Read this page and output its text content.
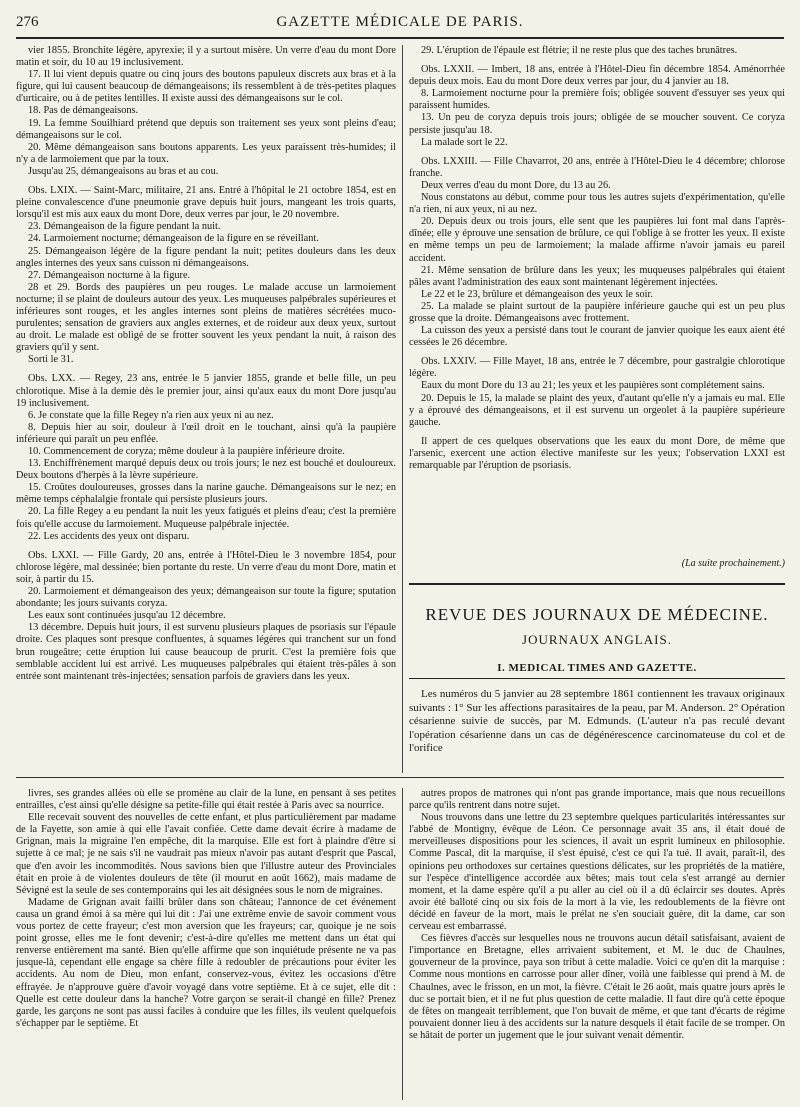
276	GAZETTE MÉDICALE DE PARIS.

vier 1855. Bronchite légère, apyrexie; il y a surtout misère. Un verre d'eau du mont Dore matin et soir, du 10 au 19 inclusivement.

17. Il lui vient depuis quatre ou cinq jours des boutons papuleux discrets aux bras et à la figure, qui lui causent beaucoup de démangeaisons; ils ressemblent à de très-petites plaques d'urticaire, ou à de petites lentilles. Il existe aussi des démangeaisons sur le col.

18. Pas de démangeaisons.

19. La femme Souilhiard prétend que depuis son traitement ses yeux sont pleins d'eau; démangeaisons sur le col.

20. Même démangeaison sans boutons apparents. Les yeux paraissent très-humides; il n'y a de larmoiement que par la toux.

Jusqu'au 25, démangeaisons au bras et au cou.

Obs. LXIX. — Saint-Marc, militaire, 21 ans. Entré à l'hôpital le 21 octobre 1854, est en pleine convalescence d'une pneumonie grave depuis huit jours, mangeant les trois quarts, lorsqu'il est mis aux eaux du mont Dore, deux verres par jour, le 20 novembre.

23. Démangeaison de la figure pendant la nuit.

24. Larmoiement nocturne; démangeaison de la figure en se réveillant.

25. Démangeaison légère de la figure pendant la nuit; petites douleurs dans les deux angles internes des yeux sans cuisson ni démangeaisons.

27. Démangeaison nocturne à la figure.

28 et 29. Bords des paupières un peu rouges. Le malade accuse un larmoiement nocturne; il se plaint de douleurs autour des yeux. Les muqueuses palpébrales supérieures et inférieures sont rouges, et les angles internes sont pleins de matières sécrétées muco-purulentes; sensation de graviers aux angles externes, et de roideur aux deux yeux, surtout au droit. Le malade est obligé de se frotter souvent les yeux pendant la nuit, à raison des graviers qu'il y sent.

Sorti le 31.

Obs. LXX. — Regey, 23 ans, entrée le 5 janvier 1855, grande et belle fille, un peu chlorotique. Mise à la demie dès le premier jour, ainsi qu'aux eaux du mont Dore jusqu'au 19 inclusivement.

6. Je constate que la fille Regey n'a rien aux yeux ni au nez.

8. Depuis hier au soir, douleur à l'œil droit en le touchant, ainsi qu'à la paupière inférieure qui paraît un peu enflée.

10. Commencement de coryza; même douleur à la paupière inférieure droite.

13. Enchiffrènement marqué depuis deux ou trois jours; le nez est bouché et douloureux. Deux boutons d'herpès à la lèvre supérieure.

15. Croûtes douloureuses, grosses dans la narine gauche. Démangeaisons sur le nez; en même temps céphalalgie frontale qui persiste plusieurs jours.

20. La fille Regey a eu pendant la nuit les yeux fatigués et pleins d'eau; c'est la première fois qu'elle accuse du larmoiement. Muqueuse palpébrale injectée.

22. Les accidents des yeux ont disparu.

Obs. LXXI. — Fille Gardy, 20 ans, entrée à l'Hôtel-Dieu le 3 novembre 1854, pour chlorose légère, mal dessinée; bien portante du reste. Un verre d'eau du mont Dore, matin et soir, à partir du 15.

20. Larmoiement et démangeaison des yeux; démangeaison sur toute la figure; sputation abondante; les jours suivants coryza.

Les eaux sont continuées jusqu'au 12 décembre.

13 décembre. Depuis huit jours, il est survenu plusieurs plaques de psoriasis sur l'épaule droite. Ces plaques sont presque confluentes, à squames légères qui tranchent sur un fond brun rougeâtre; cette éruption lui cause beaucoup de prurit. C'est la première fois que semblable accident lui est arrivé. Les muqueuses palpébrales qui étaient très-pâles à son entrée sont maintenant très-injectées; sensation parfois de graviers dans les yeux.

29. L'éruption de l'épaule est flétrie; il ne reste plus que des taches brunâtres.

Obs. LXXII. — Imbert, 18 ans, entrée à l'Hôtel-Dieu fin décembre 1854. Aménorrhée depuis deux mois. Eau du mont Dore deux verres par jour, du 4 janvier au 18.

8. Larmoiement nocturne pour la première fois; obligée souvent d'essuyer ses yeux qui paraissent humides.

13. Un peu de coryza depuis trois jours; obligée de se moucher souvent. Ce coryza persiste jusqu'au 18.

La malade sort le 22.

Obs. LXXIII. — Fille Chavarrot, 20 ans, entrée à l'Hôtel-Dieu le 4 décembre; chlorose franche.

Deux verres d'eau du mont Dore, du 13 au 26.

Nous constatons au début, comme pour tous les autres sujets d'expérimentation, qu'elle n'a rien, ni aux yeux, ni au nez.

20. Depuis deux ou trois jours, elle sent que les paupières lui font mal dans l'après-dînée; elle y éprouve une sensation de brûlure, ce qui l'oblige à se frotter les yeux. Il existe en même temps un peu de larmoiement; la malade affirme n'avoir jamais eu pareil accident.

21. Même sensation de brûlure dans les yeux; les muqueuses palpébrales qui étaient pâles avant l'administration des eaux sont maintenant légèrement injectées.

Le 22 et le 23, brûlure et démangeaison des yeux le soir.

25. La malade se plaint surtout de la paupière inférieure gauche qui est un peu plus grosse que la droite. Démangeaisons avec frottement.

La cuisson des yeux a persisté dans tout le courant de janvier quoique les eaux aient été cessées le 26 décembre.

Obs. LXXIV. — Fille Mayet, 18 ans, entrée le 7 décembre, pour gastralgie chlorotique légère.

Eaux du mont Dore du 13 au 21; les yeux et les paupières sont complétement sains.

20. Depuis le 15, la malade se plaint des yeux, d'autant qu'elle n'y a jamais eu mal. Elle y a éprouvé des démangeaisons, et il est survenu un orgeolet à la paupière supérieure gauche.

Il appert de ces quelques observations que les eaux du mont Dore, de même que l'arsenic, exercent une action élective manifeste sur les yeux; l'observation LXXI est remarquable par l'éruption de psoriasis.

(La suite prochainement.)
REVUE DES JOURNAUX DE MÉDECINE.
JOURNAUX ANGLAIS.
I. MEDICAL TIMES AND GAZETTE.

Les numéros du 5 janvier au 28 septembre 1861 contiennent les travaux originaux suivants : 1° Sur les affections parasitaires de la peau, par M. Anderson. 2° Opération césarienne suivie de succès, par M. Edmunds. (L'auteur n'a pas reculé devant l'opération césarienne dans un cas de dégénérescence carcinomateuse du col et de l'orifice

livres, ses grandes allées où elle se promène au clair de la lune, en pensant à ses petites entrailles, c'est ainsi qu'elle désigne sa petite-fille qui était restée à Paris avec sa nourrice.

Elle recevait souvent des nouvelles de cette enfant, et plus particulièrement par madame de la Fayette, son amie à qui elle l'avait confiée. Cette dame devait écrire à madame de Grignan, mais la migraine l'en empêche, dit la marquise. Elle est fort à plaindre d'être si sujette à ce mal; je ne sais s'il ne vaudrait pas mieux n'avoir pas autant d'esprit que Pascal, que d'en avoir les incommodités. Nous savions bien que l'illustre auteur des Provinciales était en proie à de violentes douleurs de tête (il mourut en août 1662), mais madame de Sévigné est la seule de ses contemporains qui les ait désignées sous le nom de migraines.

Madame de Grignan avait failli brûler dans son château; l'annonce de cet événement causa un grand émoi à sa mère qui lui dit : J'ai une extrême envie de savoir comment vous vous portez de cette frayeur; c'est mon aversion que les frayeurs; car, quoique je ne sois point grosse, elles me le font devenir; c'est-à-dire qu'elles me mettent dans un état qui renverse entièrement ma santé. Bien qu'elle affirme que son inquiétude présente ne va pas jusque-là, cependant elle engage sa chère fille à redoubler de précautions pour éviter les accidents. Au nom de Dieu, mon enfant, conservez-vous, évitez les occasions d'être effrayée. Je n'approuve guère d'avoir voyagé dans votre septième. Et à ce sujet, elle dit : Quelle est cette douleur dans la hanche? Votre garçon se serait-il changé en fille? Prenez garde, les garçons ne sont pas aussi faciles à conduire que les filles, ils veulent quelquefois s'échapper par le septième. Et

autres propos de matrones qui n'ont pas grande importance, mais que nous recueillons parce qu'ils rentrent dans notre sujet.

Nous trouvons dans une lettre du 23 septembre quelques particularités intéressantes sur l'abbé de Montigny, évêque de Léon. Ce personnage avait 35 ans, il était doué de merveilleuses dispositions pour les sciences, il avait un esprit lumineux en philosophie. Comme Pascal, dit la marquise, il s'est épuisé, c'est ce qui l'a tué. Il avait, paraît-il, des opinions peu orthodoxes sur certaines questions délicates, sur les propriétés de la matière, sur l'espèce d'intelligence accordée aux bêtes; mais tout cela s'est arrangé au dernier moment, et la dame espère qu'il a pu aller au ciel où il a dû éclaircir ses doutes. Après avoir été balloté cinq ou six fois de la mort à la vie, les redoublements de la fièvre ont décidé en faveur de la mort, mais le prélat ne s'en souciait guère, dit la dame, car son cerveau est embarrassé.

Ces fièvres d'accès sur lesquelles nous ne trouvons aucun détail satisfaisant, avaient de l'importance en Bretagne, elles arrivaient subitement, et M. le duc de Chaulnes, gouverneur de la province, paya son tribut à cette maladie. Voici ce qu'en dit la marquise : Comme nous montions en carrosse pour aller dîner, voilà une faiblesse qui prend à M. de Chaulnes, avec le frisson, en un mot, la fièvre. C'était le 26 août, mais quatre jours après le duc se portait bien, et il ne fut plus question de cette maladie. Il faut dire qu'à cette époque de fêtes on mangeait terriblement, que l'on buvait de même, et que tant d'écarts de régime pouvaient donner lieu à des accidents sur la nature desquels il était facile de se tromper. On se hâtait de porter un jugement que le jour suivant venait démentir.
